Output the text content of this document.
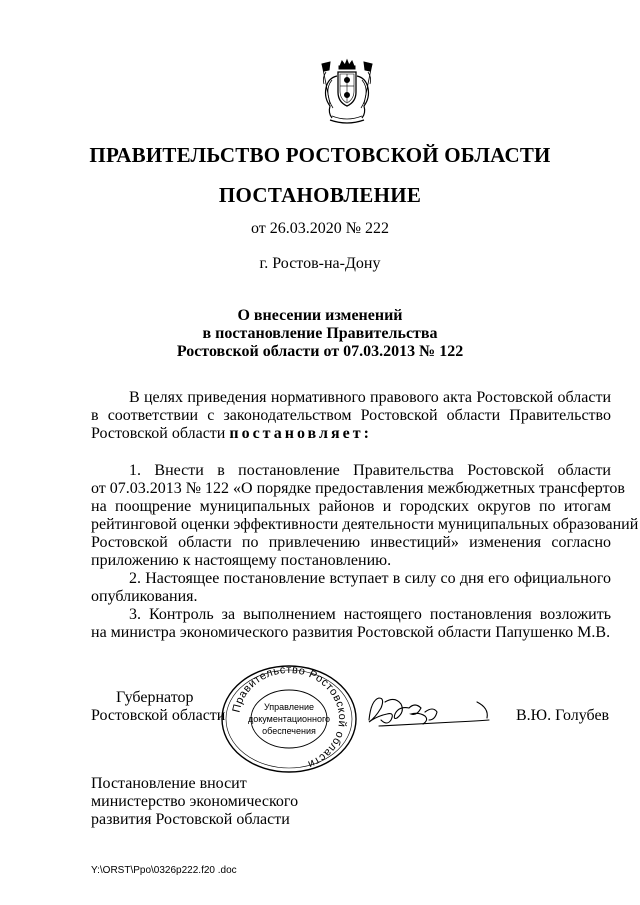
ПРАВИТЕЛЬСТВО РОСТОВСКОЙ ОБЛАСТИ
ПОСТАНОВЛЕНИЕ
от 26.03.2020 № 222
г. Ростов-на-Дону
О внесении изменений
в постановление Правительства
Ростовской области от 07.03.2013 № 122
В целях приведения нормативного правового акта Ростовской области
в соответствии с законодательством Ростовской области Правительство
Ростовской области постановляет:
1. Внести в постановление Правительства Ростовской области
от 07.03.2013 № 122 «О порядке предоставления межбюджетных трансфертов
на поощрение муниципальных районов и городских округов по итогам
рейтинговой оценки эффективности деятельности муниципальных образований
Ростовской области по привлечению инвестиций» изменения согласно
приложению к настоящему постановлению.
2. Настоящее постановление вступает в силу со дня его официального
опубликования.
3. Контроль за выполнением настоящего постановления возложить
на министра экономического развития Ростовской области Папушенко М.В.
Губернатор
Ростовской области Правительство Ростовской области
Управление
документационного
обеспечения
В.Ю. Голубев
Постановление вносит
министерство экономического
развития Ростовской области
Y:\ORST\Ppo\0326p222.f20 .doc
